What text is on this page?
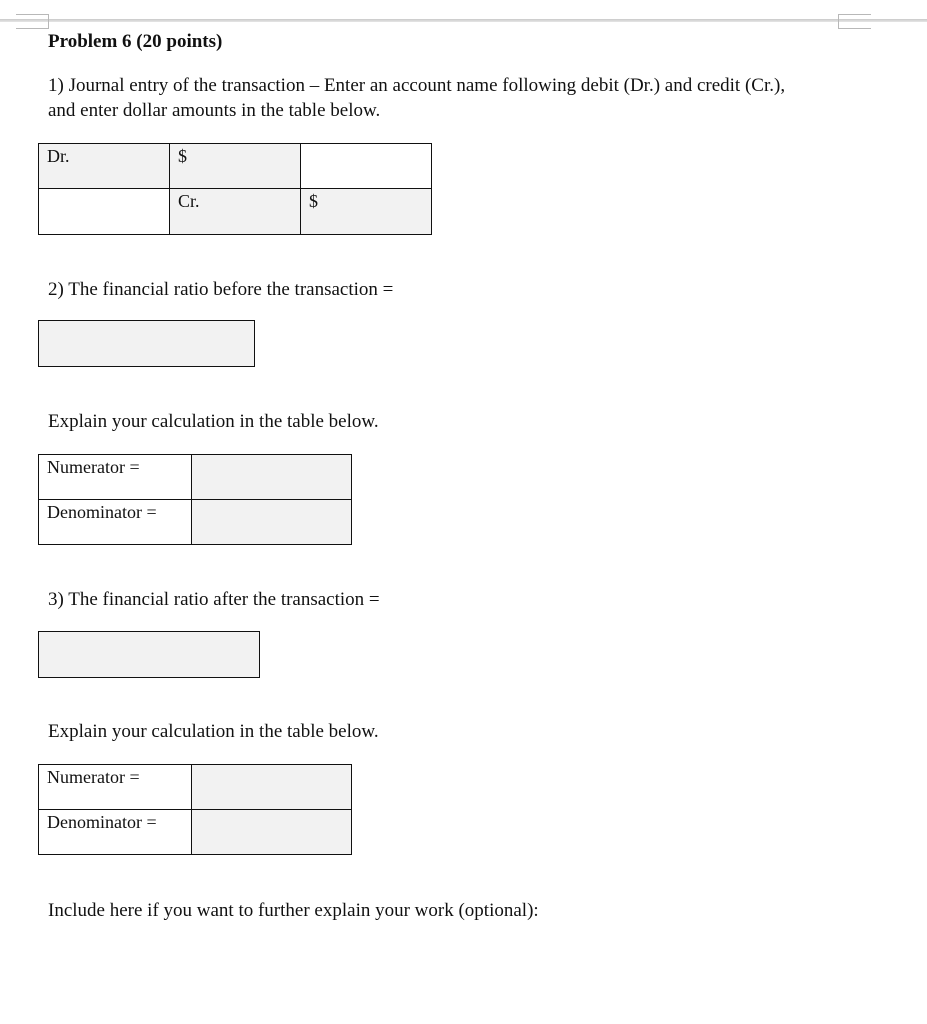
Problem 6 (20 points)

1) Journal entry of the transaction – Enter an account name following debit (Dr.) and credit (Cr.),

and enter dollar amounts in the table below.

Dr.	$	
	Cr.	$

2) The financial ratio before the transaction =

Explain your calculation in the table below.

Numerator =	
Denominator =	

3) The financial ratio after the transaction =

Explain your calculation in the table below.

Numerator =	
Denominator =	

Include here if you want to further explain your work (optional):
